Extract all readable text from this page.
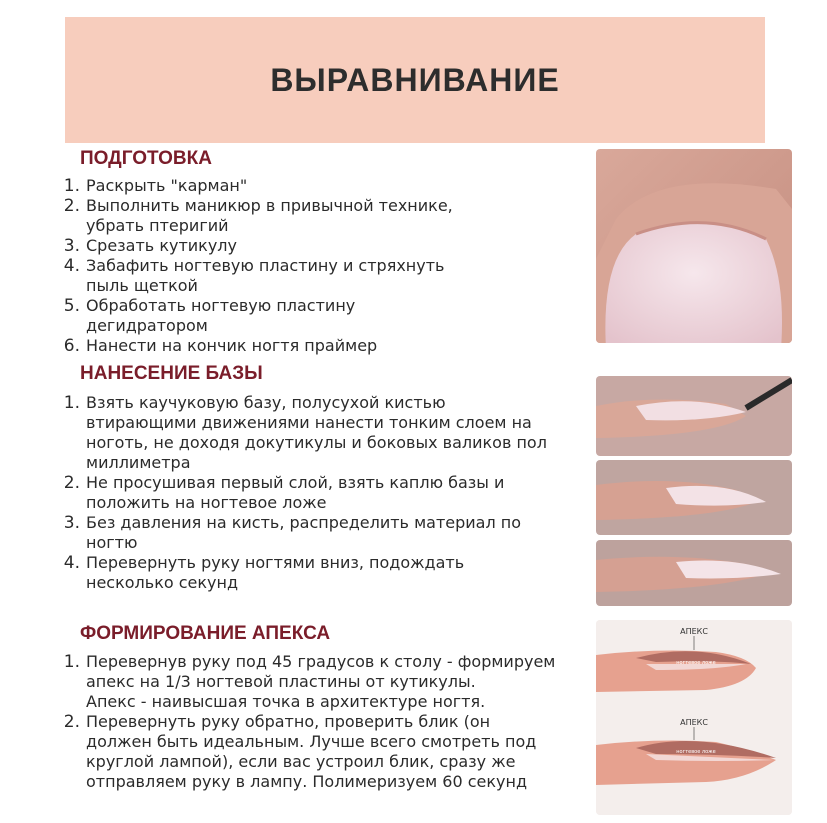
ВЫРАВНИВАНИЕ
ПОДГОТОВКА
1. Раскрыть "карман"
2. Выполнить маникюр в привычной технике, убрать птеригий
3. Срезать кутикулу
4. Забафить ногтевую пластину и стряхнуть пыль щеткой
5. Обработать ногтевую пластину дегидратором
6. Нанести на кончик ногтя праймер
НАНЕСЕНИЕ БАЗЫ
1. Взять каучуковую базу, полусухой кистью втирающими движениями нанести тонким слоем на ноготь, не доходя докутикулы и боковых валиков пол миллиметра
2. Не просушивая первый слой, взять каплю базы и положить на ногтевое ложе
3. Без давления на кисть, распределить материал по ногтю
4. Перевернуть руку ногтями вниз, подождать несколько секунд
ФОРМИРОВАНИЕ АПЕКСА
1. Перевернув руку под 45 градусов к столу - формируем апекс на 1/3 ногтевой пластины от кутикулы.
Апекс - наивысшая точка в архитектуре ногтя.
2. Перевернуть руку обратно, проверить блик (он должен быть идеальным. Лучше всего смотреть под круглой лампой), если вас устроил блик, сразу же отправляем руку в лампу. Полимеризуем 60 секунд
АПЕКС
ногтевое ложе
АПЕКС
ногтевое ложе
